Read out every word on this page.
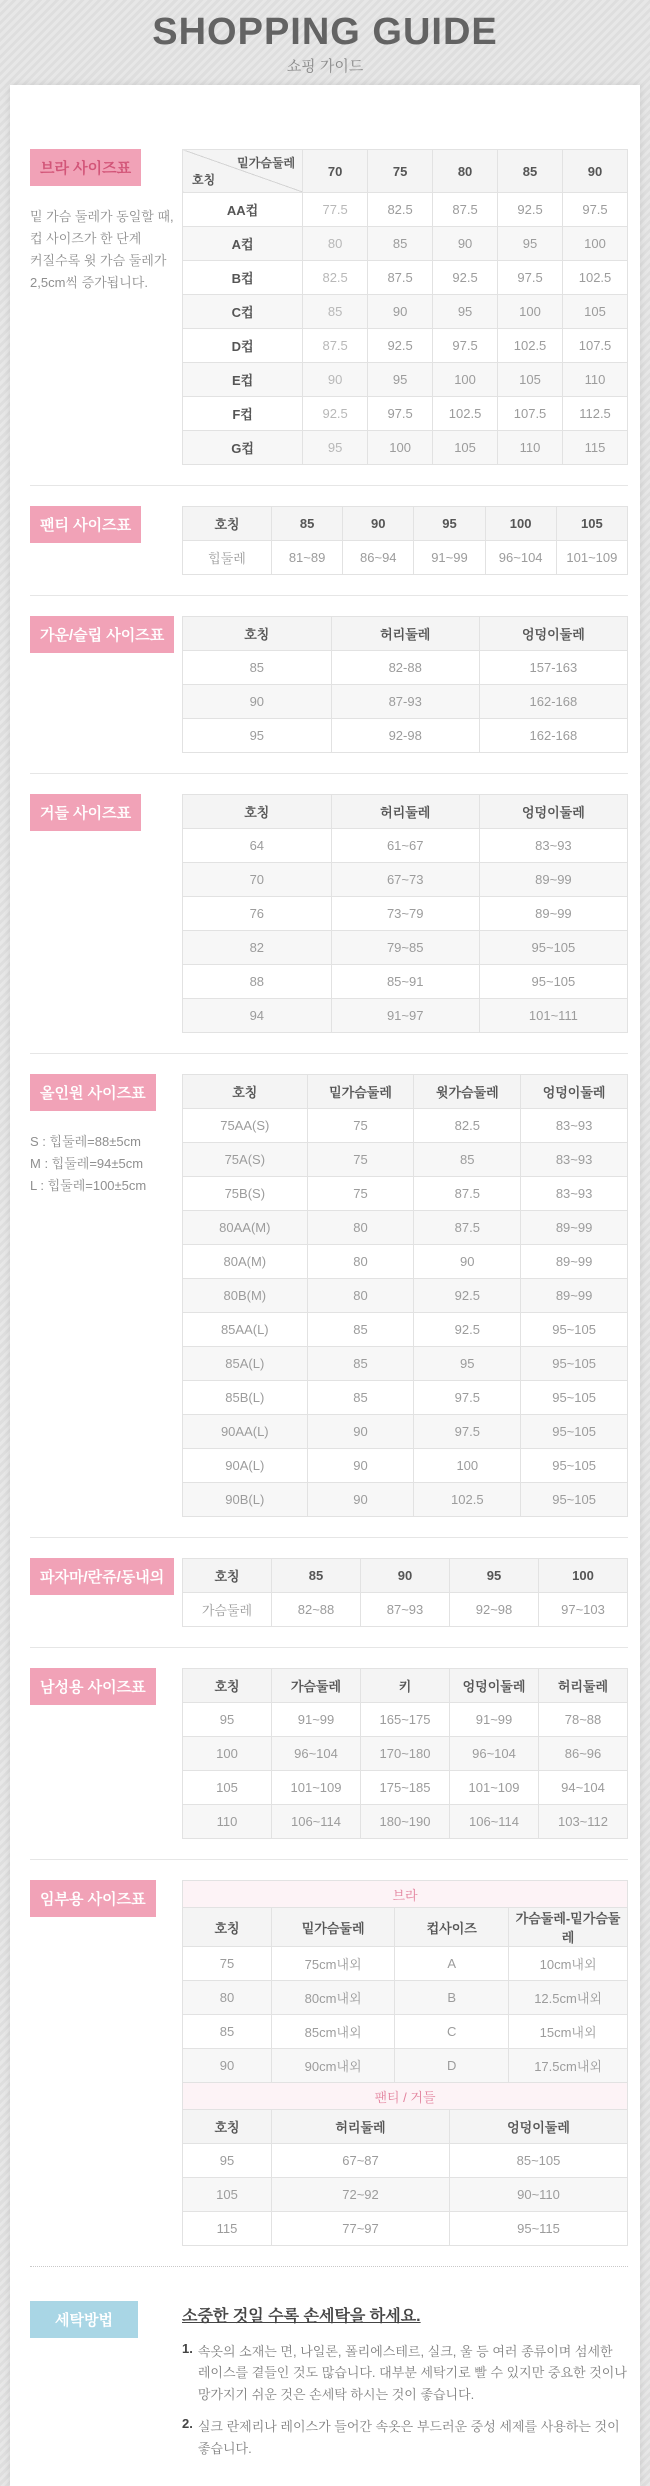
SHOPPING GUIDE
쇼핑 가이드
브라 사이즈표
밑 가슴 둘레가 동일할 때,
컵 사이즈가 한 단계
커질수록 윗 가슴 둘레가
2,5cm씩 증가됩니다.
밑가슴둘레
호칭	70	75	80	85	90
AA컵	77.5	82.5	87.5	92.5	97.5
A컵	80	85	90	95	100
B컵	82.5	87.5	92.5	97.5	102.5
C컵	85	90	95	100	105
D컵	87.5	92.5	97.5	102.5	107.5
E컵	90	95	100	105	110
F컵	92.5	97.5	102.5	107.5	112.5
G컵	95	100	105	110	115
팬티 사이즈표	호칭	85	90	95	100	105
힙둘레	81~89	86~94	91~99	96~104	101~109
가운/슬립 사이즈표	호칭	허리둘레	엉덩이둘레
85	82-88	157-163
90	87-93	162-168
95	92-98	162-168
거들 사이즈표	호칭	허리둘레	엉덩이둘레
64	61~67	83~93
70	67~73	89~99
76	73~79	89~99
82	79~85	95~105
88	85~91	95~105
94	91~97	101~111
올인원 사이즈표
S : 힙둘레=88±5cm
M : 힙둘레=94±5cm
L : 힙둘레=100±5cm
호칭	밑가슴둘레	윗가슴둘레	엉덩이둘레
75AA(S)	75	82.5	83~93
75A(S)	75	85	83~93
75B(S)	75	87.5	83~93
80AA(M)	80	87.5	89~99
80A(M)	80	90	89~99
80B(M)	80	92.5	89~99
85AA(L)	85	92.5	95~105
85A(L)	85	95	95~105
85B(L)	85	97.5	95~105
90AA(L)	90	97.5	95~105
90A(L)	90	100	95~105
90B(L)	90	102.5	95~105
파자마/란쥬/동내의	호칭	85	90	95	100
가슴둘레	82~88	87~93	92~98	97~103
남성용 사이즈표	호칭	가슴둘레	키	엉덩이둘레	허리둘레
95	91~99	165~175	91~99	78~88
100	96~104	170~180	96~104	86~96
105	101~109	175~185	101~109	94~104
110	106~114	180~190	106~114	103~112
임부용 사이즈표	브라			
호칭	밑가슴둘레	컵사이즈	가슴둘레-밑가슴둘레
75	75cm내외	A	10cm내외
80	80cm내외	B	12.5cm내외
85	85cm내외	C	15cm내외
90	90cm내외	D	17.5cm내외
팬티 / 거들		
호칭	허리둘레	엉덩이둘레
95	67~87	85~105
105	72~92	90~110
115	77~97	95~115
세탁방법	소중한 것일 수록 손세탁을 하세요.
1. 속옷의 소재는 면, 나일론, 폴리에스테르, 실크, 울 등 여러 종류이며 섬세한 레이스를 곁들인 것도 많습니다. 대부분 세탁기로 빨 수 있지만 중요한 것이나 망가지기 쉬운 것은 손세탁 하시는 것이 좋습니다.
2. 실크 란제리나 레이스가 들어간 속옷은 부드러운 중성 세제를 사용하는 것이 좋습니다.
